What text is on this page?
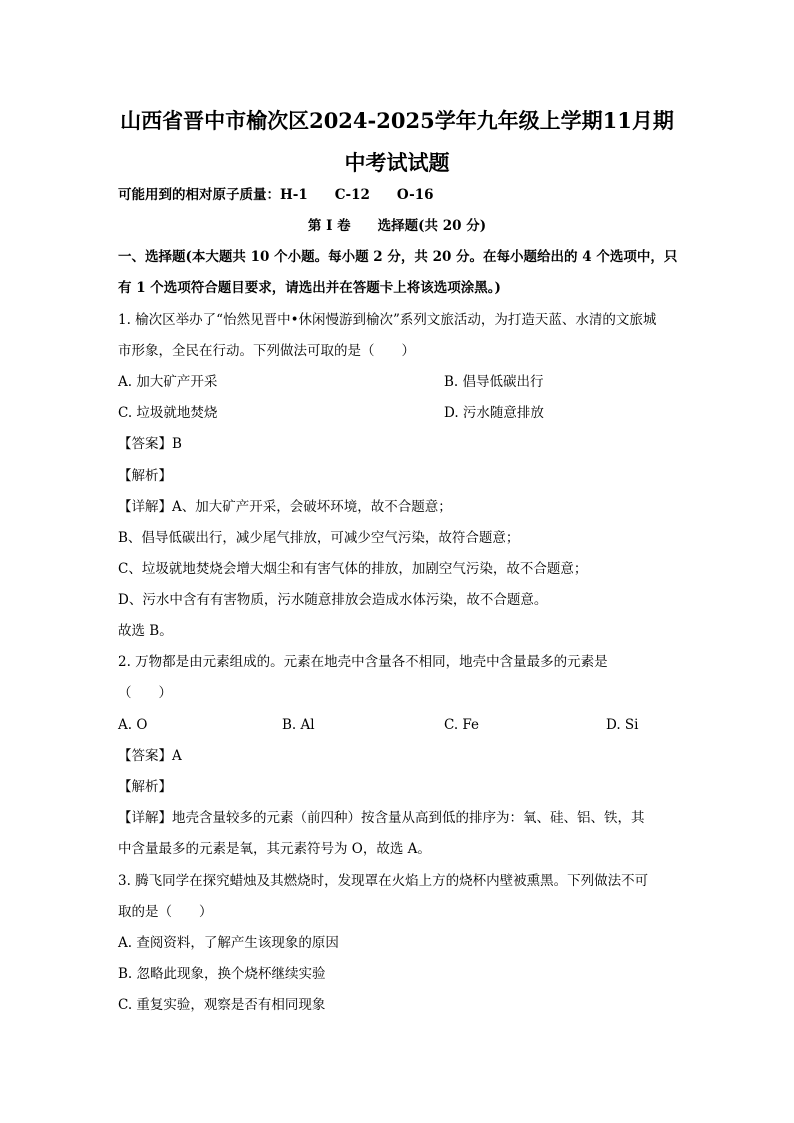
山西省晋中市榆次区2024-2025学年九年级上学期11月期
中考试试题
可能用到的相对原子质量：H-1　　C-12　　O-16
第 I 卷　　选择题(共 20 分)
一、选择题(本大题共 10 个小题。每小题 2 分，共 20 分。在每小题给出的 4 个选项中，只
有 1 个选项符合题目要求，请选出并在答题卡上将该选项涂黑。)
1. 榆次区举办了“怡然见晋中•休闲慢游到榆次”系列文旅活动，为打造天蓝、水清的文旅城
市形象，全民在行动。下列做法可取的是（　　）
A. 加大矿产开采	B. 倡导低碳出行
C. 垃圾就地焚烧	D. 污水随意排放
【答案】B
【解析】
【详解】A、加大矿产开采，会破坏环境，故不合题意；
B、倡导低碳出行，减少尾气排放，可减少空气污染，故符合题意；
C、垃圾就地焚烧会增大烟尘和有害气体的排放，加剧空气污染，故不合题意；
D、污水中含有有害物质，污水随意排放会造成水体污染，故不合题意。
故选 B。
2. 万物都是由元素组成的。元素在地壳中含量各不相同，地壳中含量最多的元素是
（　　）
A. O	B. Al	C. Fe	D. Si
【答案】A
【解析】
【详解】地壳含量较多的元素（前四种）按含量从高到低的排序为：氧、硅、铝、铁，其
中含量最多的元素是氧，其元素符号为 O，故选 A。
3. 腾飞同学在探究蜡烛及其燃烧时，发现罩在火焰上方的烧杯内壁被熏黑。下列做法不可
取的是（　　）
A. 查阅资料，了解产生该现象的原因
B. 忽略此现象，换个烧杯继续实验
C. 重复实验，观察是否有相同现象
